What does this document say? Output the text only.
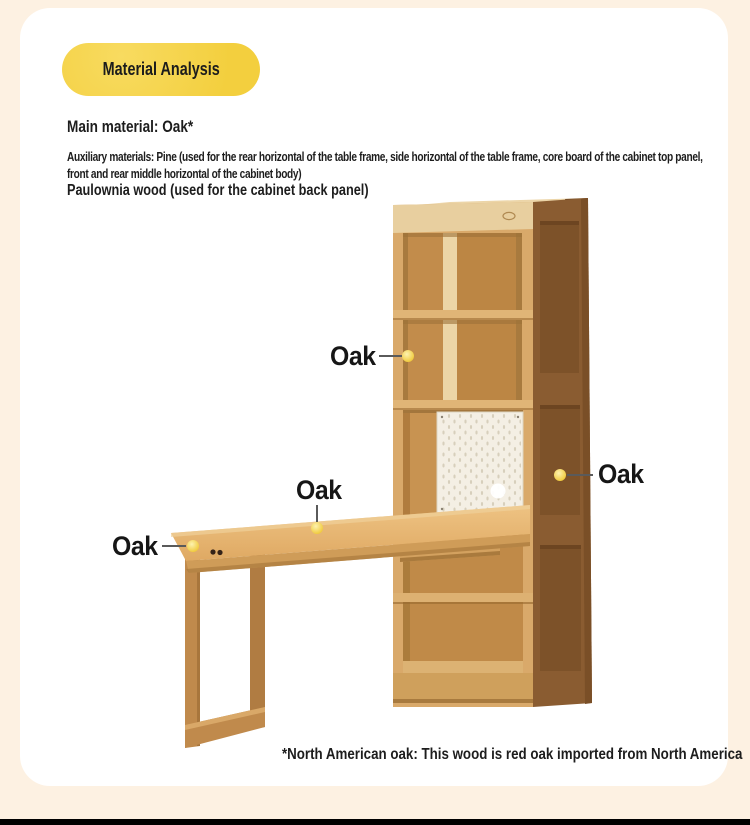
Material Analysis
Main material: Oak*
Auxiliary materials: Pine (used for the rear horizontal of the table frame, side horizontal of the table frame, core board of the cabinet top panel, front and rear middle horizontal of the cabinet body)
Paulownia wood (used for the cabinet back panel)
Oak
Oak
Oak
Oak
*North American oak: This wood is red oak imported from North America
